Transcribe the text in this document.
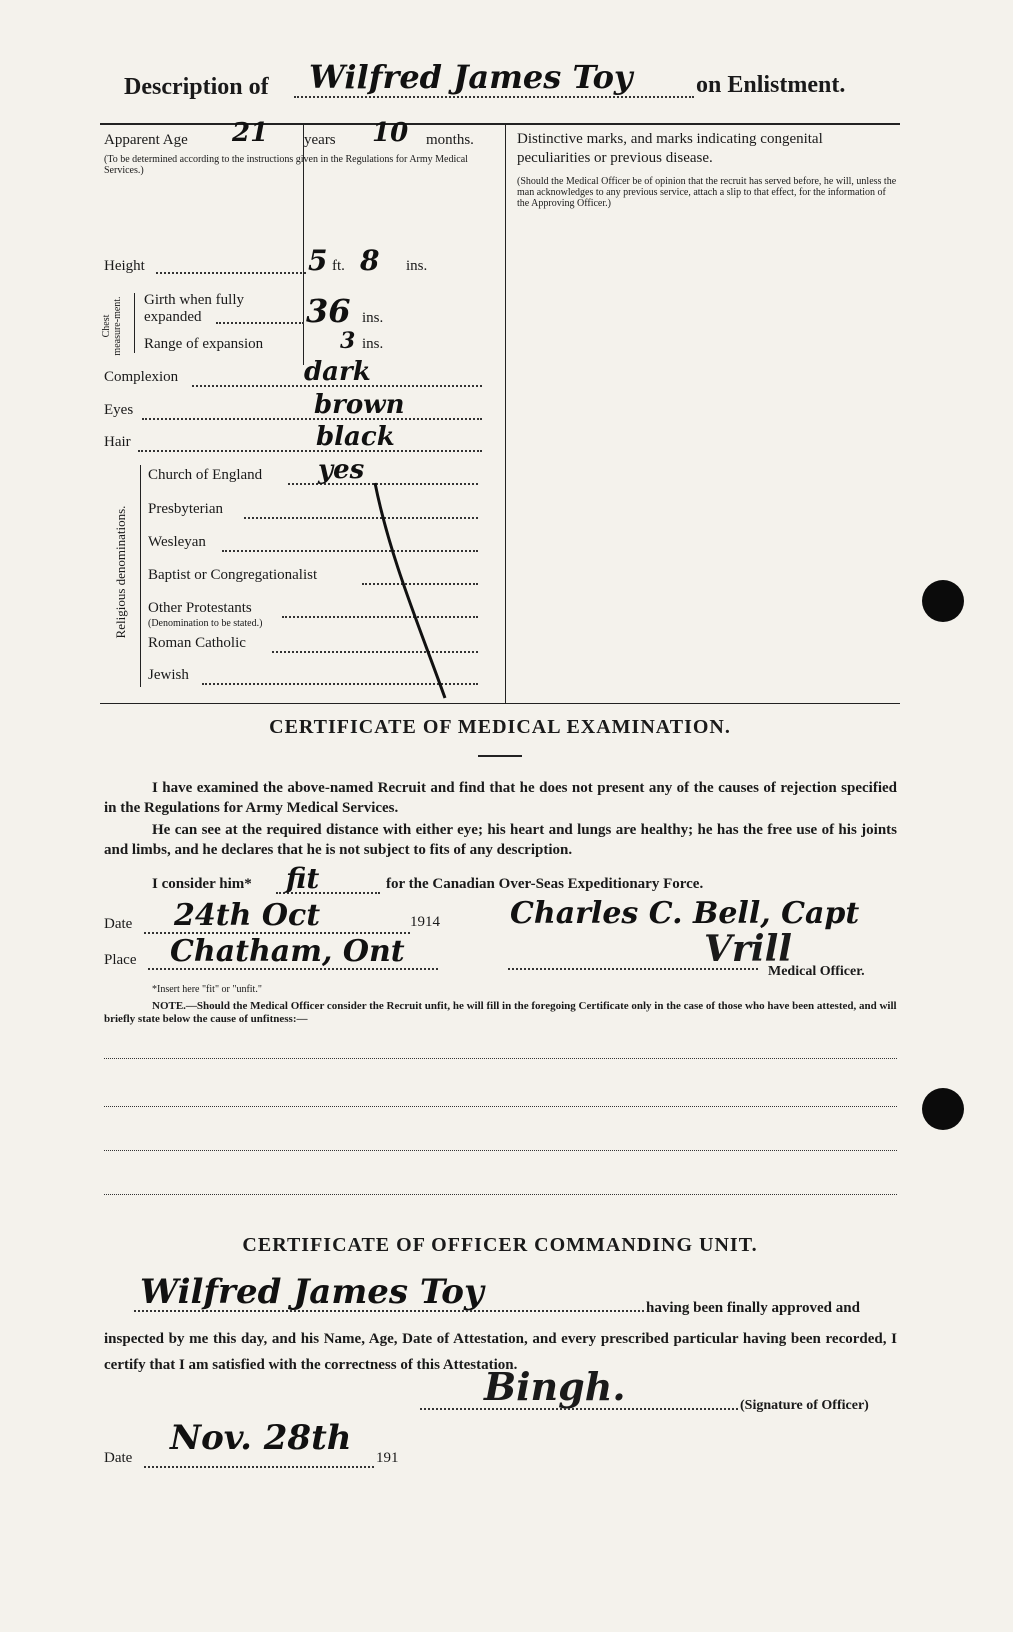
Description of Wilfred James Toy	on Enlistment.
Apparent Age 21 years 10 months.
(To be determined according to the instructions given in the Regulations for Army Medical Services.)
Height	5 ft. 8 ins.
Chest measure-ment. Girth when fully expanded	36 ins.
Range of expansion	3 ins.
Complexion	dark
Eyes	brown
Hair	black
Religious denominations.
Church of England yes
Presbyterian
Wesleyan
Baptist or Congregationalist
Other Protestants
(Denomination to be stated.)
Roman Catholic
Jewish
Distinctive marks, and marks indicating congenital peculiarities or previous disease.
(Should the Medical Officer be of opinion that the recruit has served before, he will, unless the man acknowledges to any previous service, attach a slip to that effect, for the information of the Approving Officer.)
CERTIFICATE OF MEDICAL EXAMINATION.
I have examined the above-named Recruit and find that he does not present any of the causes of rejection specified in the Regulations for Army Medical Services.
He can see at the required distance with either eye; his heart and lungs are healthy; he has the free use of his joints and limbs, and he declares that he is not subject to fits of any description.
I consider him* fit	for the Canadian Over-Seas Expeditionary Force.
Date 24th Oct	1914 Charles C. Bell, Capt
Place Chatham, Ont	Vrill
Medical Officer.
*Insert here "fit" or "unfit."
NOTE.—Should the Medical Officer consider the Recruit unfit, he will fill in the foregoing Certificate only in the case of those who have been attested, and will briefly state below the cause of unfitness:—
CERTIFICATE OF OFFICER COMMANDING UNIT.
Wilfred James Toy	having been finally approved and
inspected by me this day, and his Name, Age, Date of Attestation, and every prescribed particular having been recorded, I certify that I am satisfied with the correctness of this Attestation.
Bingh.	(Signature of Officer)
Date Nov. 28th 191
